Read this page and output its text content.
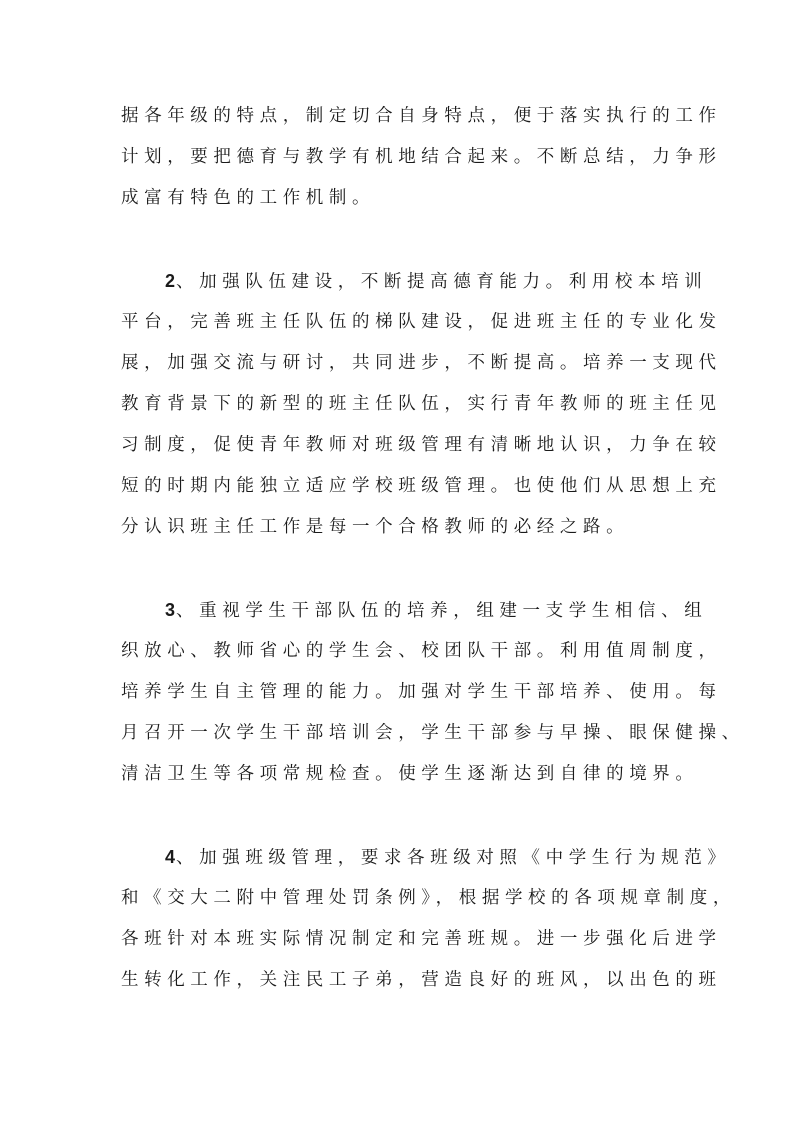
据各年级的特点，制定切合自身特点，便于落实执行的工作
计划，要把德育与教学有机地结合起来。不断总结，力争形
成富有特色的工作机制。
2、加强队伍建设，不断提高德育能力。利用校本培训
平台，完善班主任队伍的梯队建设，促进班主任的专业化发
展，加强交流与研讨，共同进步，不断提高。培养一支现代
教育背景下的新型的班主任队伍，实行青年教师的班主任见
习制度，促使青年教师对班级管理有清晰地认识，力争在较
短的时期内能独立适应学校班级管理。也使他们从思想上充
分认识班主任工作是每一个合格教师的必经之路。
3、重视学生干部队伍的培养，组建一支学生相信、组
织放心、教师省心的学生会、校团队干部。利用值周制度，
培养学生自主管理的能力。加强对学生干部培养、使用。每
月召开一次学生干部培训会，学生干部参与早操、眼保健操、
清洁卫生等各项常规检查。使学生逐渐达到自律的境界。
4、加强班级管理，要求各班级对照《中学生行为规范》
和《交大二附中管理处罚条例》，根据学校的各项规章制度，
各班针对本班实际情况制定和完善班规。进一步强化后进学
生转化工作，关注民工子弟，营造良好的班风，以出色的班
